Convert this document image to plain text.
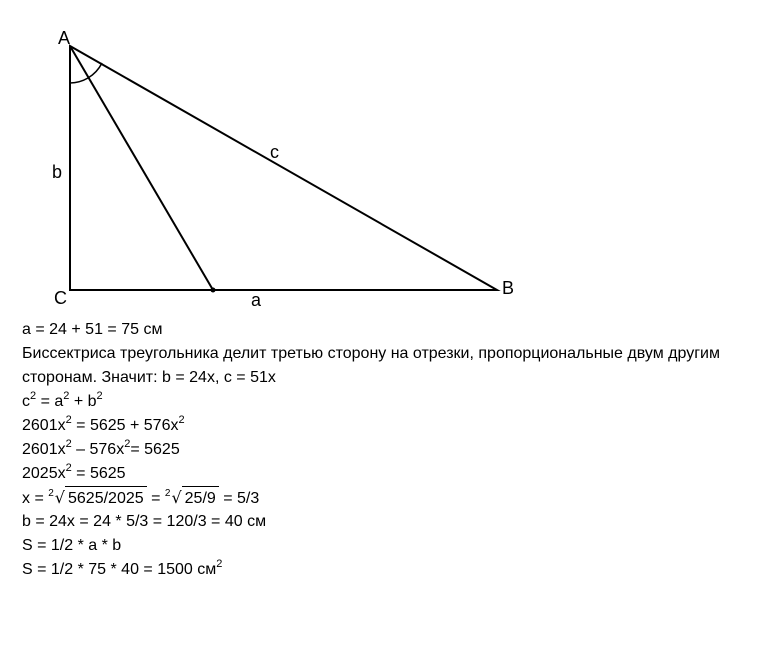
A
B
C
b
c
a
a = 24 + 51 = 75 см
Биссектриса треугольника делит третью сторону на отрезки, пропорциональные двум другим сторонам. Значит: b = 24x, c = 51x
$c^2 = a^2 + b^2$
$2601x^2 = 5625 + 576x^2$
$2601x^2 - 576x^2= 5625$
$2025x^2 = 5625$
x = $^2$√ 5625/2025 = $^2$√ 25/9 = 5/3
b = 24x = 24 * 5/3 = 120/3 = 40 см
S = 1/2 * a * b
S = 1/2 * 75 * 40 = 1500 $см^2$
